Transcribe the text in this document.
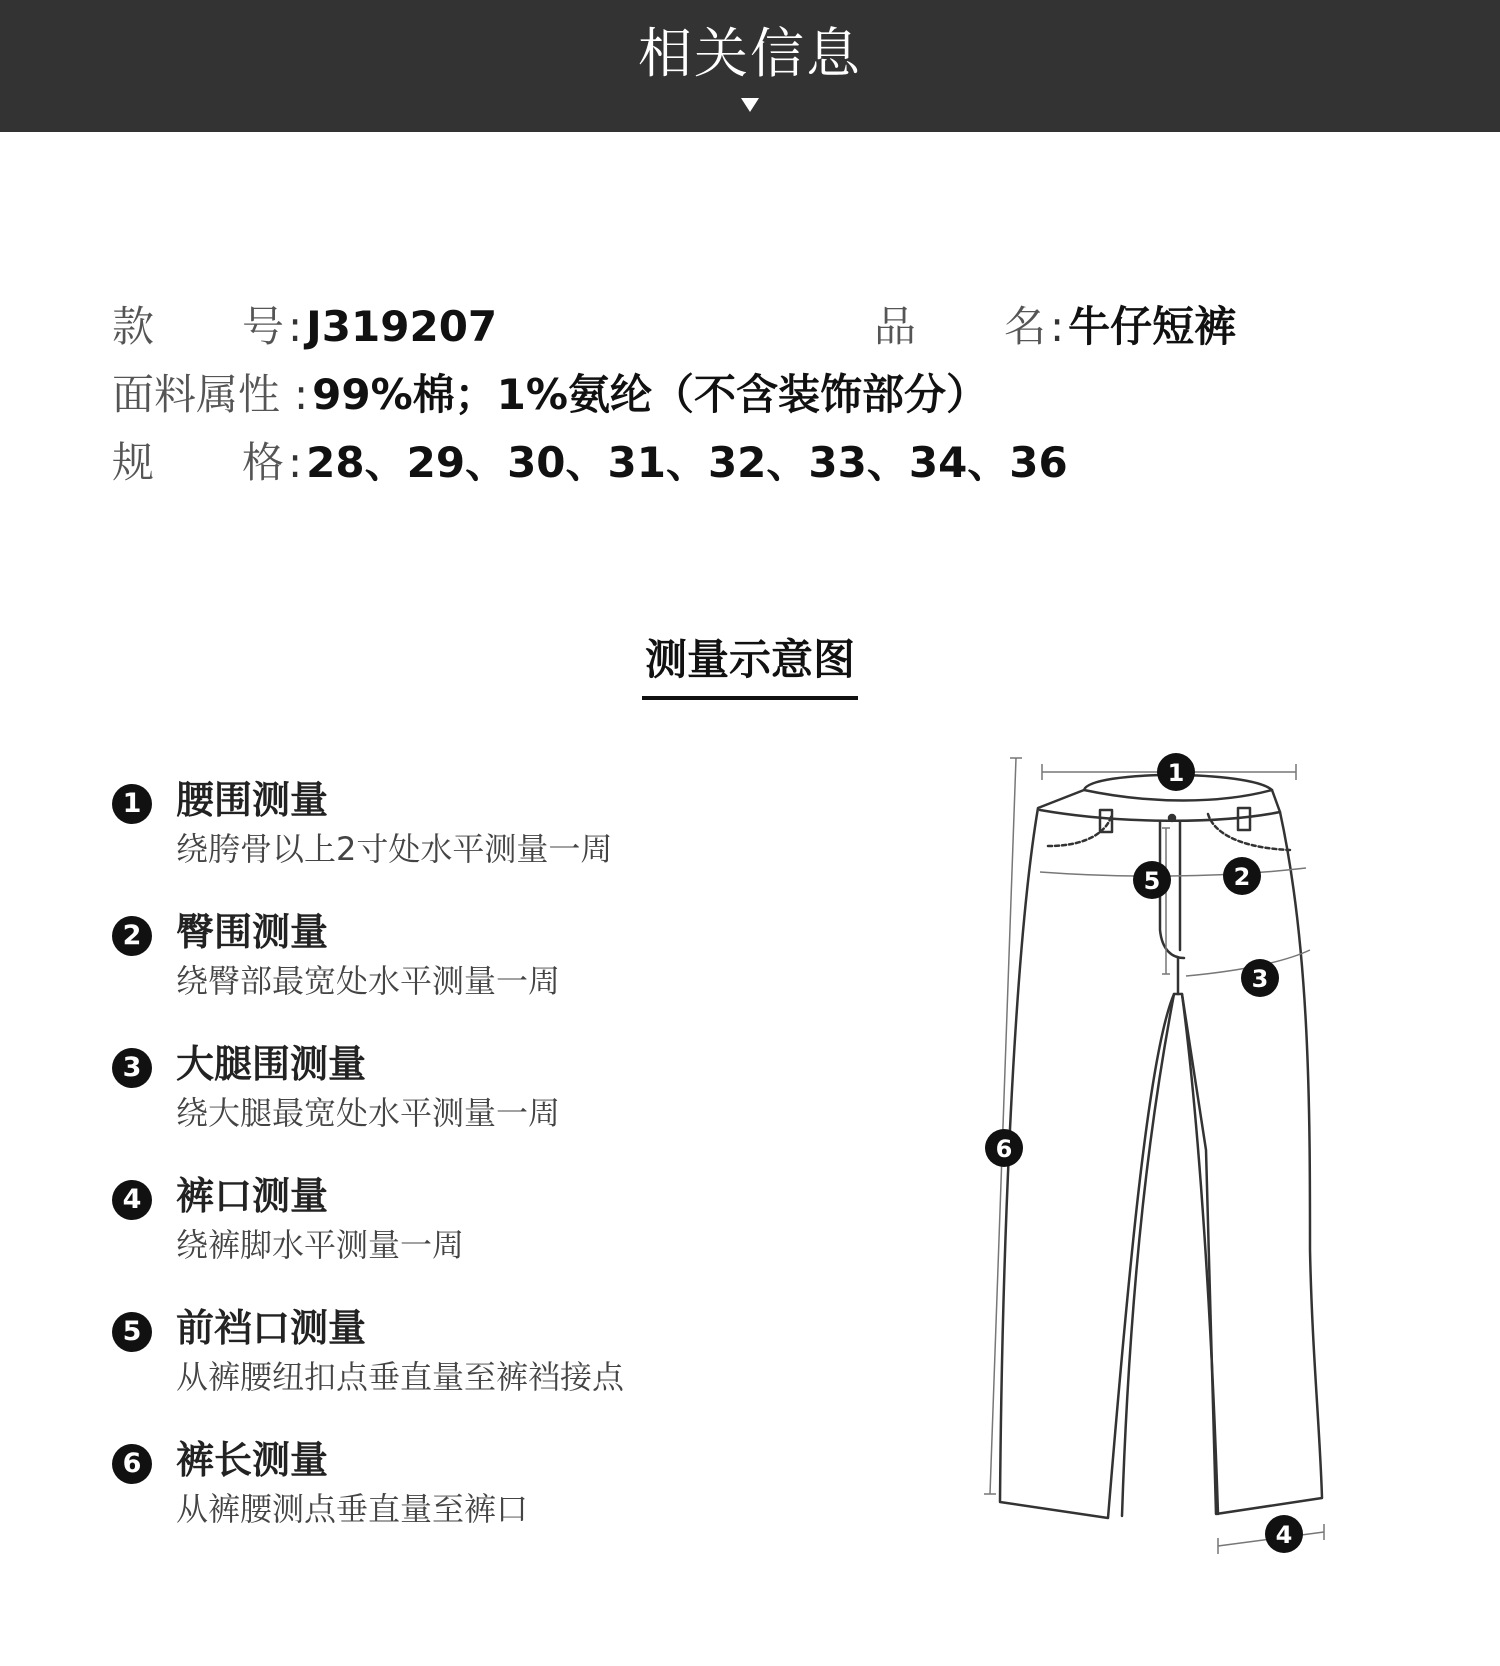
相关信息
款 号:J319207	品 名:牛仔短裤
面料属性 :99%棉；1%氨纶（不含装饰部分）
规 格:28、29、30、31、32、33、34、36
测量示意图
1 腰围测量
绕胯骨以上2寸处水平测量一周
2 臀围测量
绕臀部最宽处水平测量一周
3 大腿围测量
绕大腿最宽处水平测量一周
4 裤口测量
绕裤脚水平测量一周
5 前裆口测量
从裤腰纽扣点垂直量至裤裆接点
6 裤长测量
从裤腰测点垂直量至裤口
1
2
3
4
5
6
